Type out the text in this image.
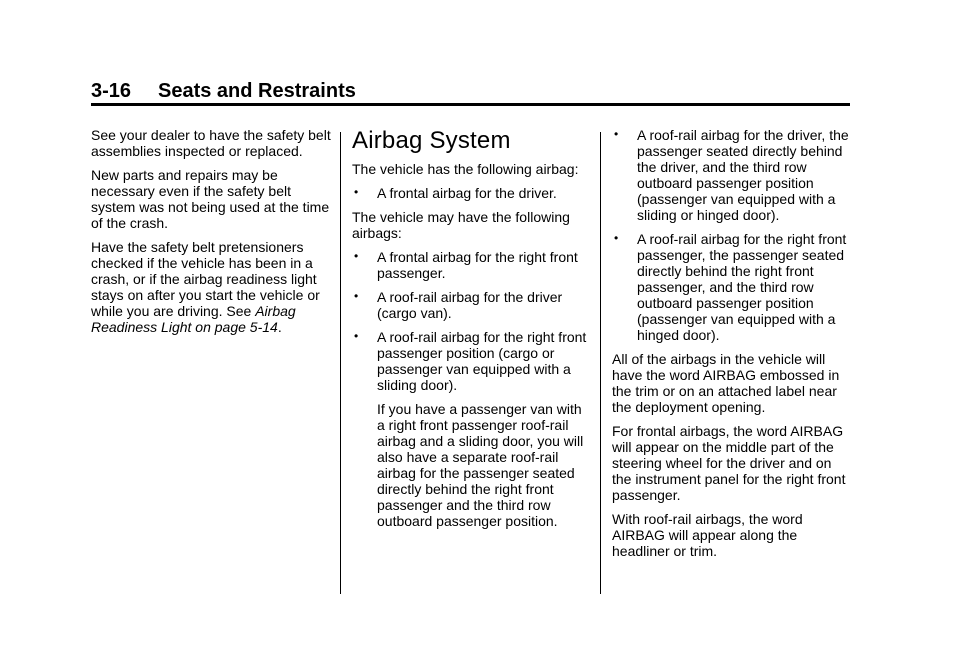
3-16 Seats and Restraints

See your dealer to have the safety belt assemblies inspected or replaced.

New parts and repairs may be necessary even if the safety belt system was not being used at the time of the crash.

Have the safety belt pretensioners checked if the vehicle has been in a crash, or if the airbag readiness light stays on after you start the vehicle or while you are driving. See Airbag Readiness Light on page 5-14.

Airbag System

The vehicle has the following airbag:

• A frontal airbag for the driver.

The vehicle may have the following airbags:

• A frontal airbag for the right front passenger.
• A roof-rail airbag for the driver (cargo van).
• A roof-rail airbag for the right front passenger position (cargo or passenger van equipped with a sliding door).

If you have a passenger van with a right front passenger roof-rail airbag and a sliding door, you will also have a separate roof-rail airbag for the passenger seated directly behind the right front passenger and the third row outboard passenger position.

• A roof-rail airbag for the driver, the passenger seated directly behind the driver, and the third row outboard passenger position (passenger van equipped with a sliding or hinged door).
• A roof-rail airbag for the right front passenger, the passenger seated directly behind the right front passenger, and the third row outboard passenger position (passenger van equipped with a hinged door).

All of the airbags in the vehicle will have the word AIRBAG embossed in the trim or on an attached label near the deployment opening.

For frontal airbags, the word AIRBAG will appear on the middle part of the steering wheel for the driver and on the instrument panel for the right front passenger.

With roof-rail airbags, the word AIRBAG will appear along the headliner or trim.
